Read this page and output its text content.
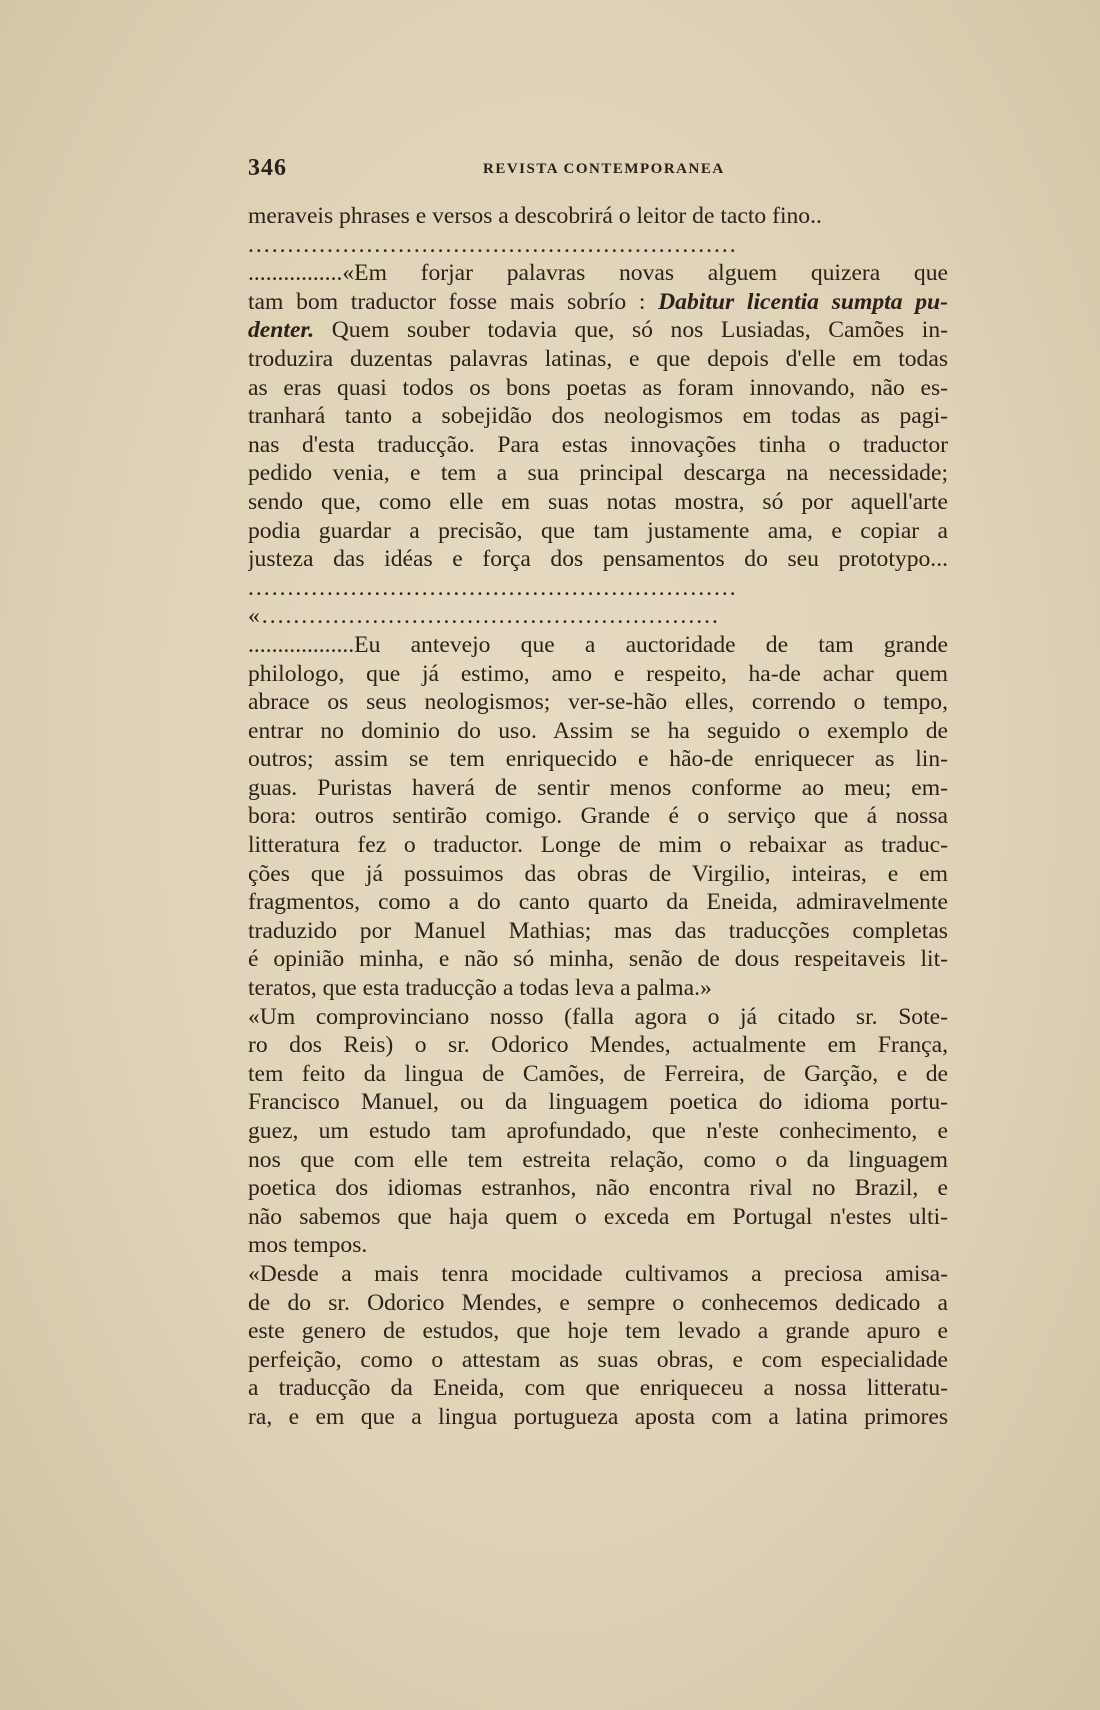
346	REVISTA CONTEMPORANEA
meraveis phrases e versos a descobrirá o leitor de tacto fino..
..............................................................
................«Em forjar palavras novas alguem quizera que
tam bom traductor fosse mais sobrío : Dabitur licentia sumpta pu-
denter. Quem souber todavia que, só nos Lusiadas, Camões in-
troduzira duzentas palavras latinas, e que depois d'elle em todas
as eras quasi todos os bons poetas as foram innovando, não es-
tranhará tanto a sobejidão dos neologismos em todas as pagi-
nas d'esta traducção. Para estas innovações tinha o traductor
pedido venia, e tem a sua principal descarga na necessidade;
sendo que, como elle em suas notas mostra, só por aquell'arte
podia guardar a precisão, que tam justamente ama, e copiar a
justeza das idéas e força dos pensamentos do seu prototypo...
..............................................................
«..........................................................
..................Eu antevejo que a auctoridade de tam grande
philologo, que já estimo, amo e respeito, ha-de achar quem
abrace os seus neologismos; ver-se-hão elles, correndo o tempo,
entrar no dominio do uso. Assim se ha seguido o exemplo de
outros; assim se tem enriquecido e hão-de enriquecer as lin-
guas. Puristas haverá de sentir menos conforme ao meu; em-
bora: outros sentirão comigo. Grande é o serviço que á nossa
litteratura fez o traductor. Longe de mim o rebaixar as traduc-
ções que já possuimos das obras de Virgilio, inteiras, e em
fragmentos, como a do canto quarto da Eneida, admiravelmente
traduzido por Manuel Mathias; mas das traducções completas
é opinião minha, e não só minha, senão de dous respeitaveis lit-
teratos, que esta traducção a todas leva a palma.»
«Um comprovinciano nosso (falla agora o já citado sr. Sote-
ro dos Reis) o sr. Odorico Mendes, actualmente em França,
tem feito da lingua de Camões, de Ferreira, de Garção, e de
Francisco Manuel, ou da linguagem poetica do idioma portu-
guez, um estudo tam aprofundado, que n'este conhecimento, e
nos que com elle tem estreita relação, como o da linguagem
poetica dos idiomas estranhos, não encontra rival no Brazil, e
não sabemos que haja quem o exceda em Portugal n'estes ulti-
mos tempos.
«Desde a mais tenra mocidade cultivamos a preciosa amisa-
de do sr. Odorico Mendes, e sempre o conhecemos dedicado a
este genero de estudos, que hoje tem levado a grande apuro e
perfeição, como o attestam as suas obras, e com especialidade
a traducção da Eneida, com que enriqueceu a nossa litteratu-
ra, e em que a lingua portugueza aposta com a latina primores
